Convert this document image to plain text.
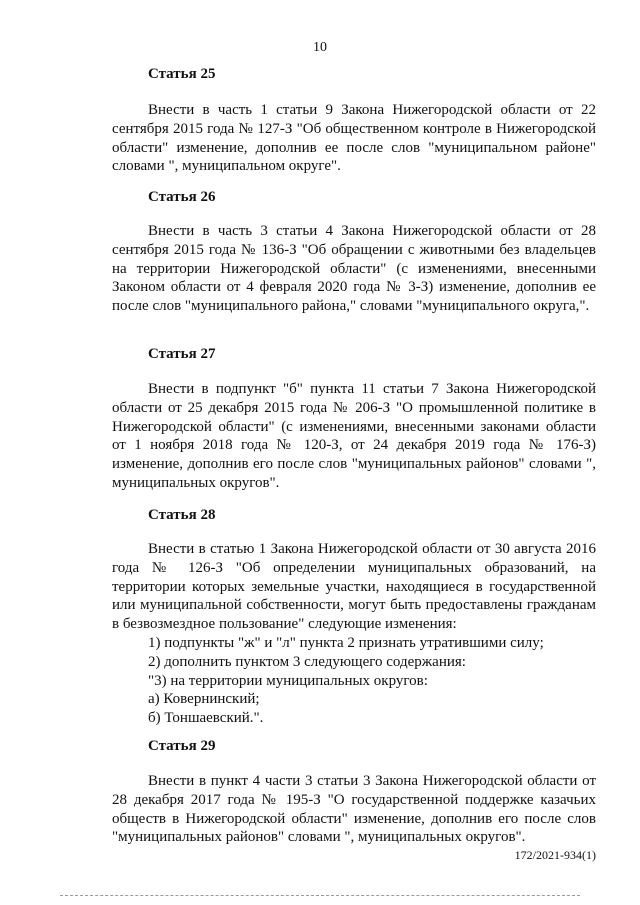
10
Статья 25
Внести в часть 1 статьи 9 Закона Нижегородской области от 22 сентября 2015 года № 127-З "Об общественном контроле в Нижегородской области" изменение, дополнив ее после слов "муниципальном районе" словами ", муниципальном округе".
Статья 26
Внести в часть 3 статьи 4 Закона Нижегородской области от 28 сентября 2015 года № 136-З "Об обращении с животными без владельцев на территории Нижегородской области" (с изменениями, внесенными Законом области от 4 февраля 2020 года № 3-З) изменение, дополнив ее после слов "муниципального района," словами "муниципального округа,".
Статья 27
Внести в подпункт "б" пункта 11 статьи 7 Закона Нижегородской области от 25 декабря 2015 года № 206-З "О промышленной политике в Нижегородской области" (с изменениями, внесенными законами области от 1 ноября 2018 года № 120-З, от 24 декабря 2019 года № 176-З) изменение, дополнив его после слов "муниципальных районов" словами ", муниципальных округов".
Статья 28
Внести в статью 1 Закона Нижегородской области от 30 августа 2016 года № 126-З "Об определении муниципальных образований, на территории которых земельные участки, находящиеся в государственной или муниципальной собственности, могут быть предоставлены гражданам в безвозмездное пользование" следующие изменения:
1) подпункты "ж" и "л" пункта 2 признать утратившими силу;
2) дополнить пунктом 3 следующего содержания:
"3) на территории муниципальных округов:
а) Ковернинский;
б) Тоншаевский.".
Статья 29
Внести в пункт 4 части 3 статьи 3 Закона Нижегородской области от 28 декабря 2017 года № 195-З "О государственной поддержке казачьих обществ в Нижегородской области" изменение, дополнив его после слов "муниципальных районов" словами ", муниципальных округов".
172/2021-934(1)
